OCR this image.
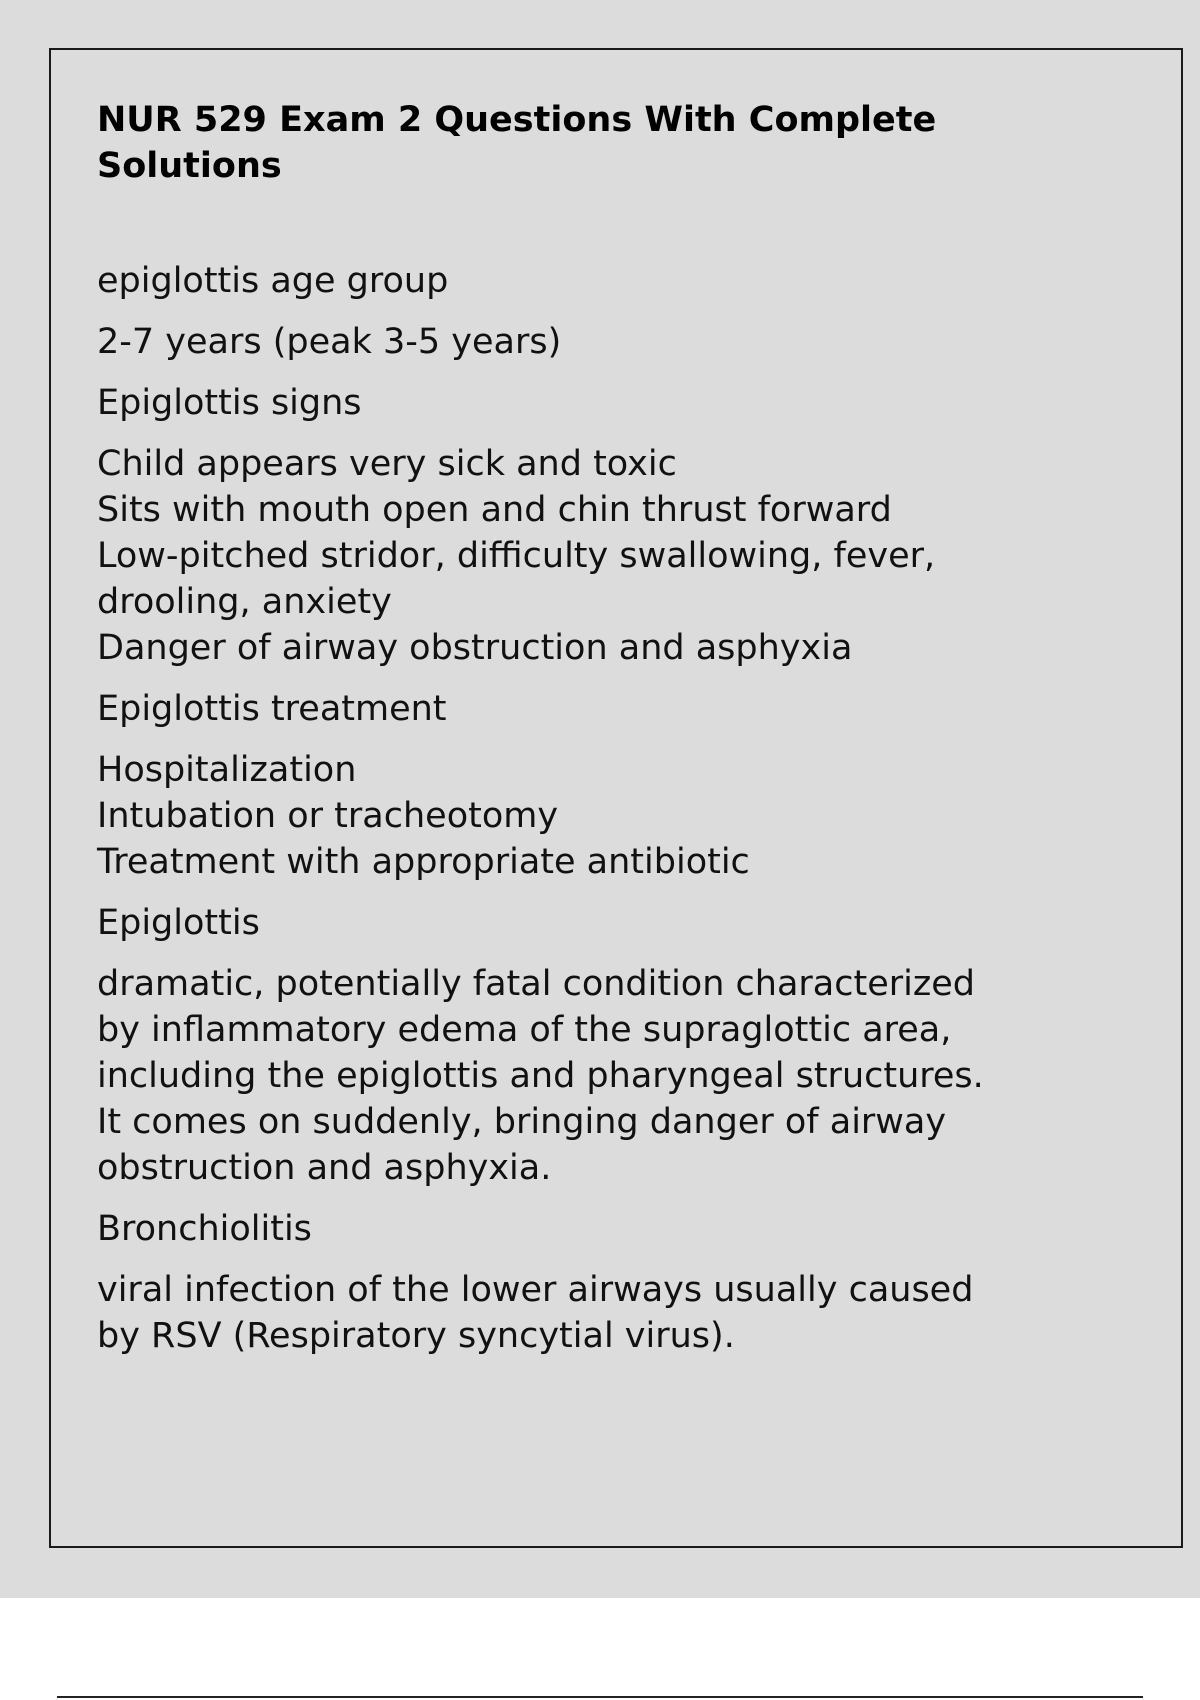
NUR 529 Exam 2 Questions With Complete
Solutions

epiglottis age group

2-7 years (peak 3-5 years)

Epiglottis signs

Child appears very sick and toxic
Sits with mouth open and chin thrust forward
Low-pitched stridor, difficulty swallowing, fever,
drooling, anxiety
Danger of airway obstruction and asphyxia

Epiglottis treatment

Hospitalization
Intubation or tracheotomy
Treatment with appropriate antibiotic

Epiglottis

dramatic, potentially fatal condition characterized
by inflammatory edema of the supraglottic area,
including the epiglottis and pharyngeal structures.
It comes on suddenly, bringing danger of airway
obstruction and asphyxia.

Bronchiolitis

viral infection of the lower airways usually caused
by RSV (Respiratory syncytial virus).
